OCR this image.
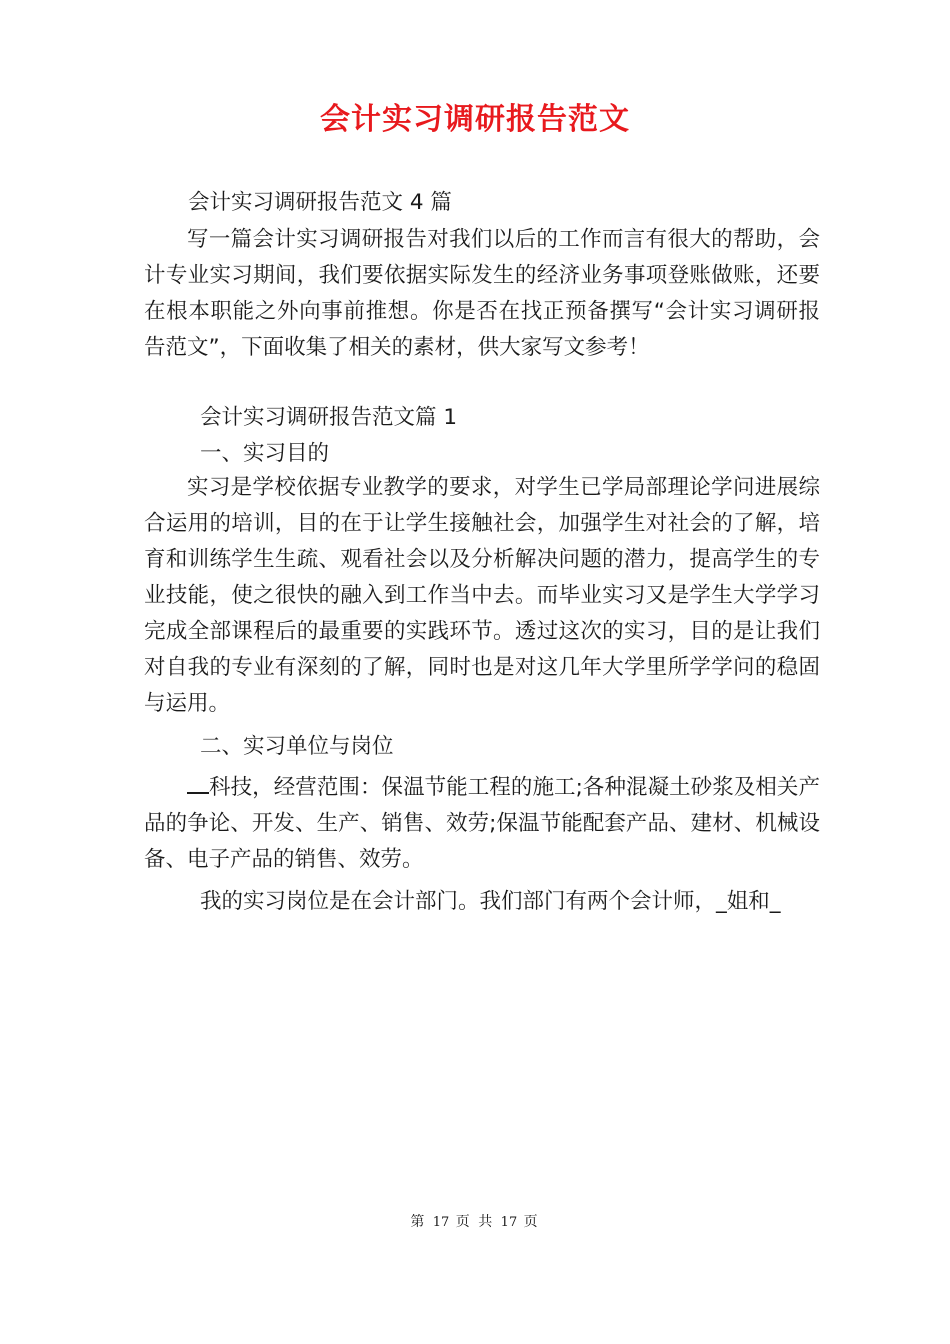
会计实习调研报告范文
会计实习调研报告范文 4 篇

写一篇会计实习调研报告对我们以后的工作而言有很大的帮助，会计专业实习期间，我们要依据实际发生的经济业务事项登账做账，还要在根本职能之外向事前推想。你是否在找正预备撰写“会计实习调研报告范文”，下面收集了相关的素材，供大家写文参考！

会计实习调研报告范文篇 1
一、实习目的

实习是学校依据专业教学的要求，对学生已学局部理论学问进展综合运用的培训，目的在于让学生接触社会，加强学生对社会的了解，培育和训练学生生疏、观看社会以及分析解决问题的潜力，提高学生的专业技能，使之很快的融入到工作当中去。而毕业实习又是学生大学学习完成全部课程后的最重要的实践环节。透过这次的实习，目的是让我们对自我的专业有深刻的了解，同时也是对这几年大学里所学学问的稳固与运用。

二、实习单位与岗位

科技，经营范围：保温节能工程的施工;各种混凝土砂浆及相关产品的争论、开发、生产、销售、效劳;保温节能配套产品、建材、机械设备、电子产品的销售、效劳。

我的实习岗位是在会计部门。我们部门有两个会计师，_姐和_
第 17 页 共 17 页
